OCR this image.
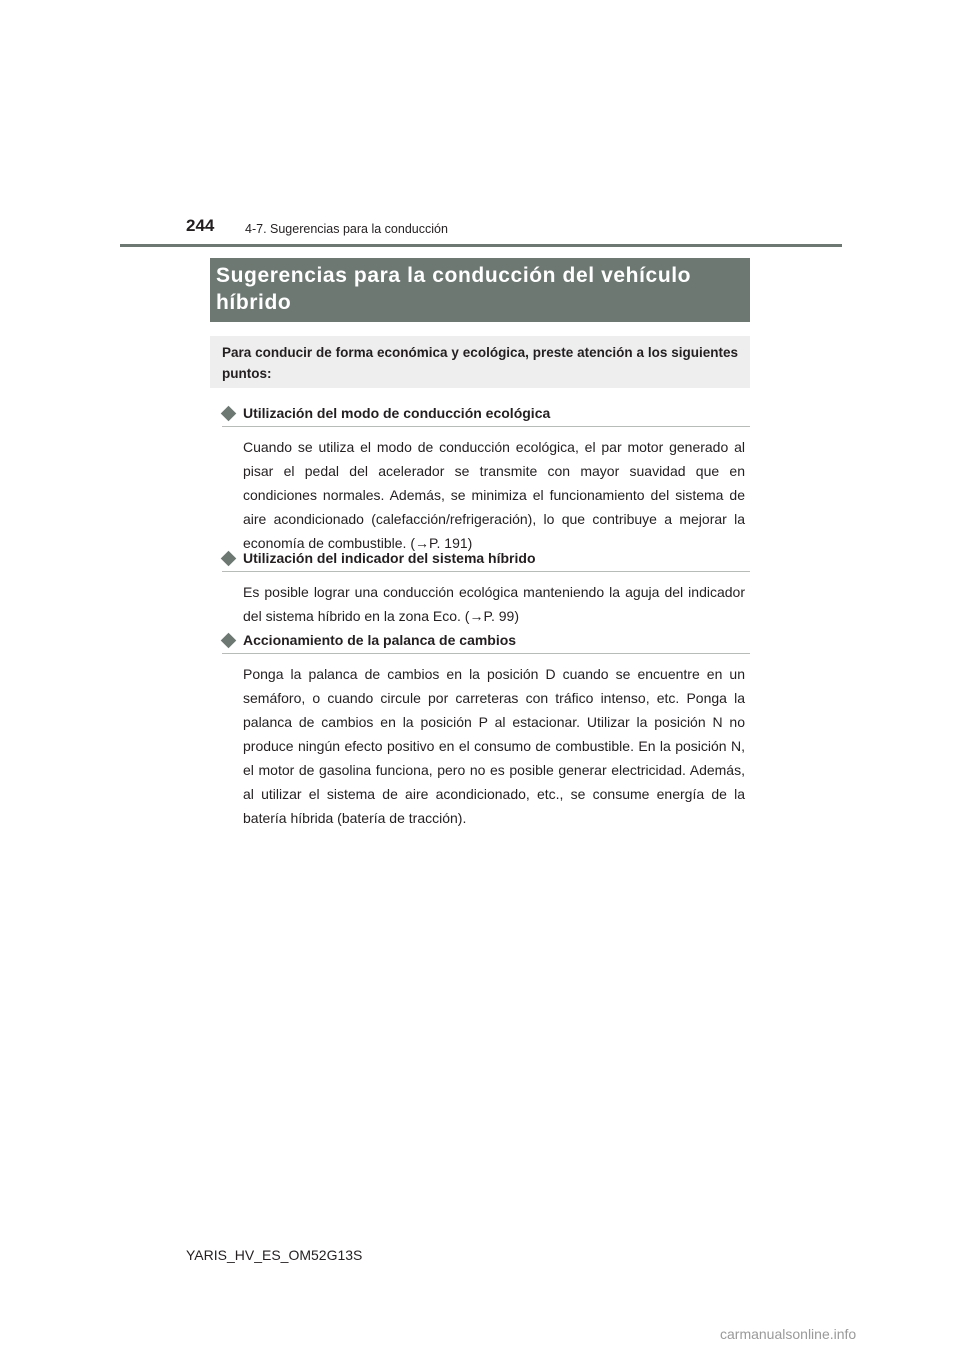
244 4-7. Sugerencias para la conducción
Sugerencias para la conducción del vehículo
híbrido
Para conducir de forma económica y ecológica, preste atención a los siguientes puntos:
Utilización del modo de conducción ecológica
Cuando se utiliza el modo de conducción ecológica, el par motor generado al pisar el pedal del acelerador se transmite con mayor suavidad que en condiciones normales. Además, se minimiza el funcionamiento del sistema de aire acondicionado (calefacción/refrigeración), lo que contribuye a mejorar la economía de combustible. (→P. 191)
Utilización del indicador del sistema híbrido
Es posible lograr una conducción ecológica manteniendo la aguja del indicador del sistema híbrido en la zona Eco. (→P. 99)
Accionamiento de la palanca de cambios
Ponga la palanca de cambios en la posición D cuando se encuentre en un semáforo, o cuando circule por carreteras con tráfico intenso, etc. Ponga la palanca de cambios en la posición P al estacionar. Utilizar la posición N no produce ningún efecto positivo en el consumo de combustible. En la posición N, el motor de gasolina funciona, pero no es posible generar electricidad. Además, al utilizar el sistema de aire acondicionado, etc., se consume energía de la batería híbrida (batería de tracción).
YARIS_HV_ES_OM52G13S
carmanualsonline.info
